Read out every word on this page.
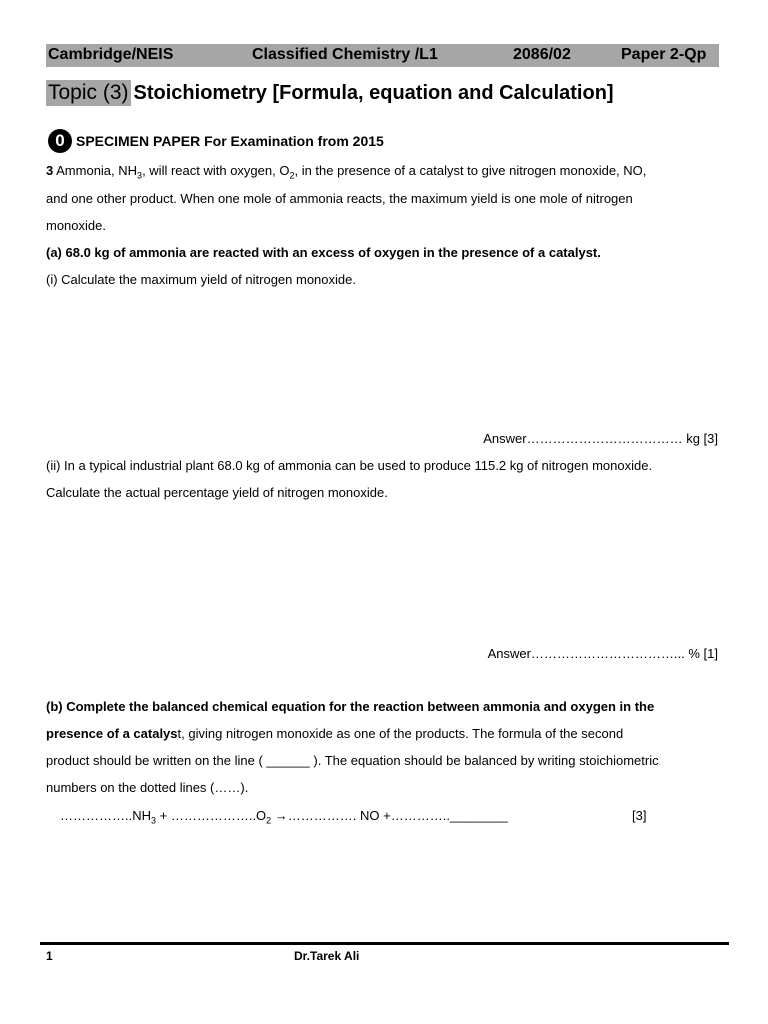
Cambridge/NEIS	Classified Chemistry /L1	2086/02	Paper 2-Qp
Topic (3) Stoichiometry [Formula, equation and Calculation]
0 SPECIMEN PAPER For Examination from 2015
3 Ammonia, $NH_3$, will react with oxygen, $O_2$, in the presence of a catalyst to give nitrogen monoxide, NO,
and one other product. When one mole of ammonia reacts, the maximum yield is one mole of nitrogen
monoxide.
(a) 68.0 kg of ammonia are reacted with an excess of oxygen in the presence of a catalyst.
(i) Calculate the maximum yield of nitrogen monoxide.
Answer……………………………… kg [3]
(ii) In a typical industrial plant 68.0 kg of ammonia can be used to produce 115.2 kg of nitrogen monoxide.
Calculate the actual percentage yield of nitrogen monoxide.
Answer……………………………... % [1]
(b) Complete the balanced chemical equation for the reaction between ammonia and oxygen in the
presence of a catalyst, giving nitrogen monoxide as one of the products. The formula of the second
product should be written on the line ( ______ ). The equation should be balanced by writing stoichiometric
numbers on the dotted lines (……).
$\dots\dots\dots\dots\dots..NH_3$ + $\dots\dots\dots\dots\dots\dots..O_2$ →……………. NO +…………..________	[3]
1	Dr.Tarek Ali
